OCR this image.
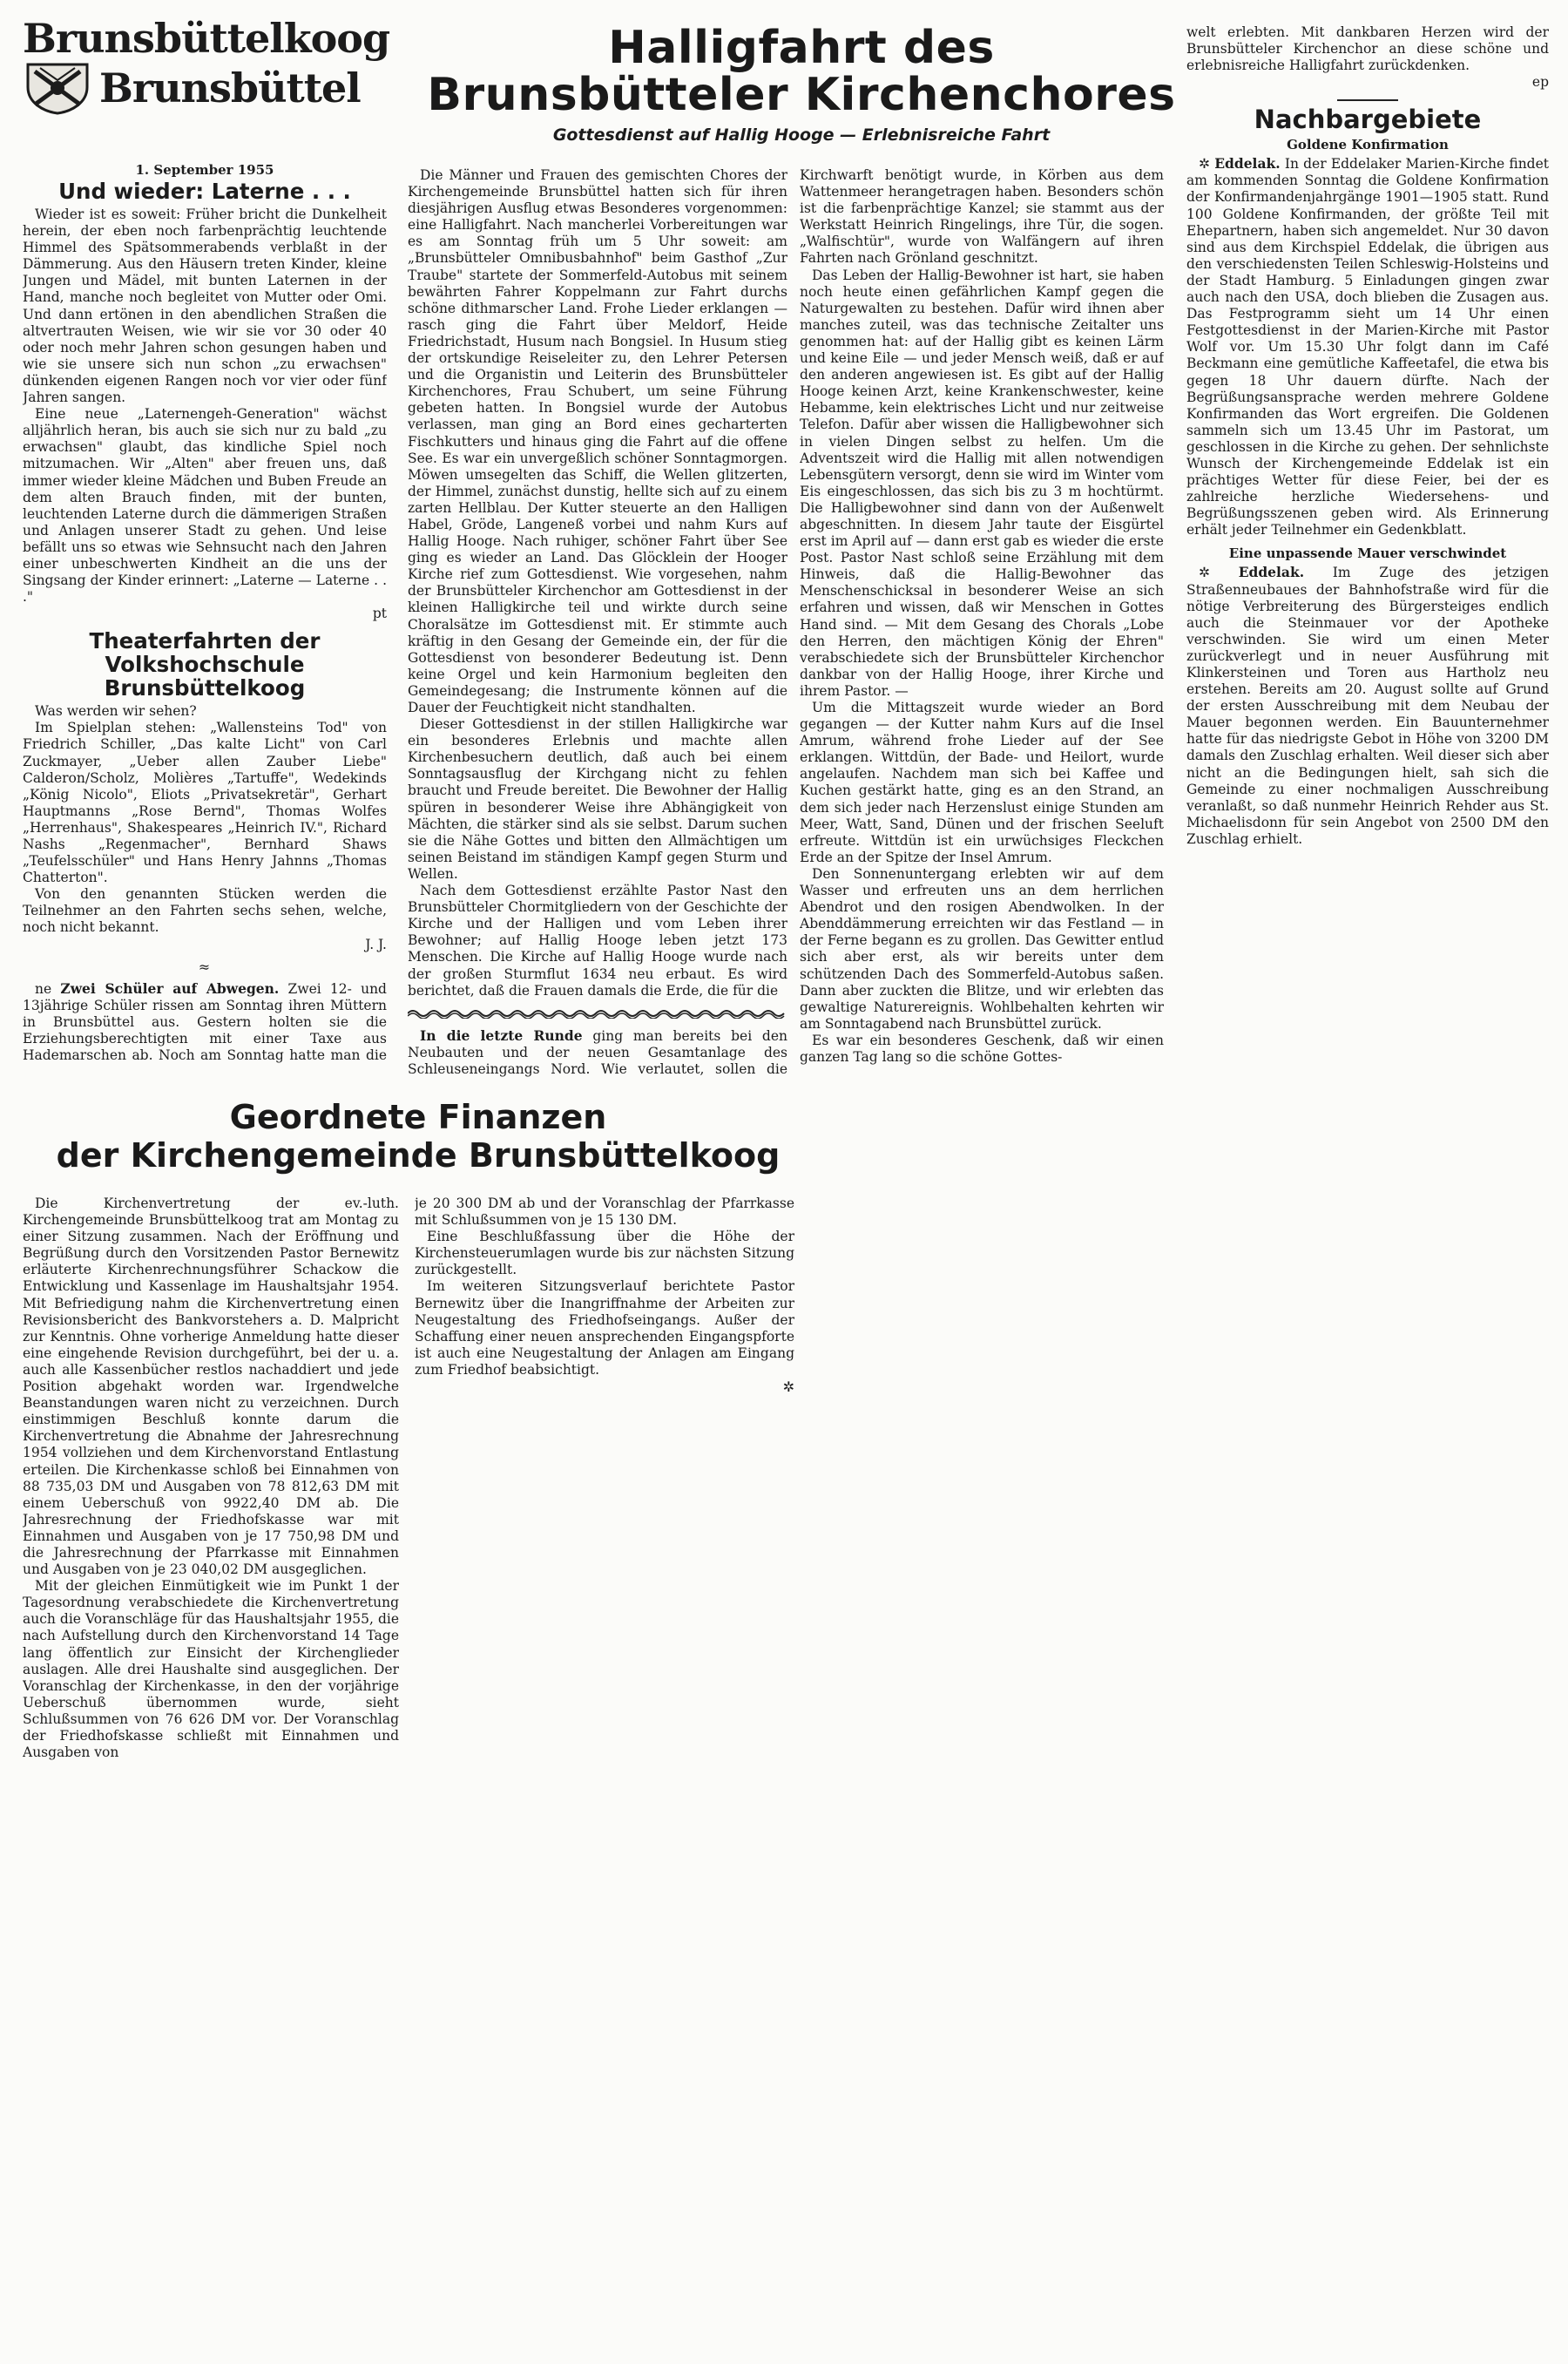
Brunsbüttelkoog
Brunsbüttel
1. September 1955
Und wieder: Laterne . . .

Wieder ist es soweit: Früher bricht die Dunkelheit herein, der eben noch farbenprächtig leuchtende Himmel des Spätsommerabends verblaßt in der Dämmerung. Aus den Häusern treten Kinder, kleine Jungen und Mädel, mit bunten Laternen in der Hand, manche noch begleitet von Mutter oder Omi. Und dann ertönen in den abendlichen Straßen die altvertrauten Weisen, wie wir sie vor 30 oder 40 oder noch mehr Jahren schon gesungen haben und wie sie unsere sich nun schon „zu erwachsen" dünkenden eigenen Rangen noch vor vier oder fünf Jahren sangen.

Eine neue „Laternengeh-Generation" wächst alljährlich heran, bis auch sie sich nur zu bald „zu erwachsen" glaubt, das kindliche Spiel noch mitzumachen. Wir „Alten" aber freuen uns, daß immer wieder kleine Mädchen und Buben Freude an dem alten Brauch finden, mit der bunten, leuchtenden Laterne durch die dämmerigen Straßen und Anlagen unserer Stadt zu gehen. Und leise befällt uns so etwas wie Sehnsucht nach den Jahren einer unbeschwerten Kindheit an die uns der Singsang der Kinder erinnert: „Laterne — Laterne . . ."

pt

Theaterfahrten der Volkshochschule Brunsbüttelkoog

Was werden wir sehen?

Im Spielplan stehen: „Wallensteins Tod" von Friedrich Schiller, „Das kalte Licht" von Carl Zuckmayer, „Ueber allen Zauber Liebe" Calderon/Scholz, Molières „Tartuffe", Wedekinds „König Nicolo", Eliots „Privatsekretär", Gerhart Hauptmanns „Rose Bernd", Thomas Wolfes „Herrenhaus", Shakespeares „Heinrich IV.", Richard Nashs „Regenmacher", Bernhard Shaws „Teufelsschüler" und Hans Henry Jahnns „Thomas Chatterton".

Von den genannten Stücken werden die Teilnehmer an den Fahrten sechs sehen, welche, noch nicht bekannt.

J. J.

≈

ne Zwei Schüler auf Abwegen. Zwei 12- und 13jährige Schüler rissen am Sonntag ihren Müttern in Brunsbüttel aus. Gestern holten sie die Erziehungsberechtigten mit einer Taxe aus Hademarschen ab. Noch am Sonntag hatte man die

Halligfahrt des
Brunsbütteler Kirchenchores
Gottesdienst auf Hallig Hooge — Erlebnisreiche Fahrt

Die Männer und Frauen des gemischten Chores der Kirchengemeinde Brunsbüttel hatten sich für ihren diesjährigen Ausflug etwas Besonderes vorgenommen: eine Halligfahrt. Nach mancherlei Vorbereitungen war es am Sonntag früh um 5 Uhr soweit: am „Brunsbütteler Omnibusbahnhof" beim Gasthof „Zur Traube" startete der Sommerfeld-Autobus mit seinem bewährten Fahrer Koppelmann zur Fahrt durchs schöne dithmarscher Land. Frohe Lieder erklangen — rasch ging die Fahrt über Meldorf, Heide Friedrichstadt, Husum nach Bongsiel. In Husum stieg der ortskundige Reiseleiter zu, den Lehrer Petersen und die Organistin und Leiterin des Brunsbütteler Kirchenchores, Frau Schubert, um seine Führung gebeten hatten. In Bongsiel wurde der Autobus verlassen, man ging an Bord eines gecharterten Fischkutters und hinaus ging die Fahrt auf die offene See. Es war ein unvergeßlich schöner Sonntagmorgen. Möwen umsegelten das Schiff, die Wellen glitzerten, der Himmel, zunächst dunstig, hellte sich auf zu einem zarten Hellblau. Der Kutter steuerte an den Halligen Habel, Gröde, Langeneß vorbei und nahm Kurs auf Hallig Hooge. Nach ruhiger, schöner Fahrt über See ging es wieder an Land. Das Glöcklein der Hooger Kirche rief zum Gottesdienst. Wie vorgesehen, nahm der Brunsbütteler Kirchenchor am Gottesdienst in der kleinen Halligkirche teil und wirkte durch seine Choralsätze im Gottesdienst mit. Er stimmte auch kräftig in den Gesang der Gemeinde ein, der für die Gottesdienst von besonderer Bedeutung ist. Denn keine Orgel und kein Harmonium begleiten den Gemeindegesang; die Instrumente können auf die Dauer der Feuchtigkeit nicht standhalten.

Dieser Gottesdienst in der stillen Halligkirche war ein besonderes Erlebnis und machte allen Kirchenbesuchern deutlich, daß auch bei einem Sonntagsausflug der Kirchgang nicht zu fehlen braucht und Freude bereitet. Die Bewohner der Hallig spüren in besonderer Weise ihre Abhängigkeit von Mächten, die stärker sind als sie selbst. Darum suchen sie die Nähe Gottes und bitten den Allmächtigen um seinen Beistand im ständigen Kampf gegen Sturm und Wellen.

Nach dem Gottesdienst erzählte Pastor Nast den Brunsbütteler Chormitgliedern von der Geschichte der Kirche und der Halligen und vom Leben ihrer Bewohner; auf Hallig Hooge leben jetzt 173 Menschen. Die Kirche auf Hallig Hooge wurde nach der großen Sturmflut 1634 neu erbaut. Es wird berichtet, daß die Frauen damals die Erde, die für die

In die letzte Runde ging man bereits bei den Neubauten und der neuen Gesamtanlage des Schleuseneingangs Nord. Wie verlautet, sollen die

Kirchwarft benötigt wurde, in Körben aus dem Wattenmeer herangetragen haben. Besonders schön ist die farbenprächtige Kanzel; sie stammt aus der Werkstatt Heinrich Ringelings, ihre Tür, die sogen. „Walfischtür", wurde von Walfängern auf ihren Fahrten nach Grönland geschnitzt.

Das Leben der Hallig-Bewohner ist hart, sie haben noch heute einen gefährlichen Kampf gegen die Naturgewalten zu bestehen. Dafür wird ihnen aber manches zuteil, was das technische Zeitalter uns genommen hat: auf der Hallig gibt es keinen Lärm und keine Eile — und jeder Mensch weiß, daß er auf den anderen angewiesen ist. Es gibt auf der Hallig Hooge keinen Arzt, keine Krankenschwester, keine Hebamme, kein elektrisches Licht und nur zeitweise Telefon. Dafür aber wissen die Halligbewohner sich in vielen Dingen selbst zu helfen. Um die Adventszeit wird die Hallig mit allen notwendigen Lebensgütern versorgt, denn sie wird im Winter vom Eis eingeschlossen, das sich bis zu 3 m hochtürmt. Die Halligbewohner sind dann von der Außenwelt abgeschnitten. In diesem Jahr taute der Eisgürtel erst im April auf — dann erst gab es wieder die erste Post. Pastor Nast schloß seine Erzählung mit dem Hinweis, daß die Hallig-Bewohner das Menschenschicksal in besonderer Weise an sich erfahren und wissen, daß wir Menschen in Gottes Hand sind. — Mit dem Gesang des Chorals „Lobe den Herren, den mächtigen König der Ehren" verabschiedete sich der Brunsbütteler Kirchenchor dankbar von der Hallig Hooge, ihrer Kirche und ihrem Pastor. —

Um die Mittagszeit wurde wieder an Bord gegangen — der Kutter nahm Kurs auf die Insel Amrum, während frohe Lieder auf der See erklangen. Wittdün, der Bade- und Heilort, wurde angelaufen. Nachdem man sich bei Kaffee und Kuchen gestärkt hatte, ging es an den Strand, an dem sich jeder nach Herzenslust einige Stunden am Meer, Watt, Sand, Dünen und der frischen Seeluft erfreute. Wittdün ist ein urwüchsiges Fleckchen Erde an der Spitze der Insel Amrum.

Den Sonnenuntergang erlebten wir auf dem Wasser und erfreuten uns an dem herrlichen Abendrot und den rosigen Abendwolken. In der Abenddämmerung erreichten wir das Festland — in der Ferne begann es zu grollen. Das Gewitter entlud sich aber erst, als wir bereits unter dem schützenden Dach des Sommerfeld-Autobus saßen. Dann aber zuckten die Blitze, und wir erlebten das gewaltige Naturereignis. Wohlbehalten kehrten wir am Sonntagabend nach Brunsbüttel zurück.

Es war ein besonderes Geschenk, daß wir einen ganzen Tag lang so die schöne Gottes-

welt erlebten. Mit dankbaren Herzen wird der Brunsbütteler Kirchenchor an diese schöne und erlebnisreiche Halligfahrt zurückdenken.

ep

Nachbargebiete
Goldene Konfirmation

✲ Eddelak. In der Eddelaker Marien-Kirche findet am kommenden Sonntag die Goldene Konfirmation der Konfirmandenjahrgänge 1901—1905 statt. Rund 100 Goldene Konfirmanden, der größte Teil mit Ehepartnern, haben sich angemeldet. Nur 30 davon sind aus dem Kirchspiel Eddelak, die übrigen aus den verschiedensten Teilen Schleswig-Holsteins und der Stadt Hamburg. 5 Einladungen gingen zwar auch nach den USA, doch blieben die Zusagen aus. Das Festprogramm sieht um 14 Uhr einen Festgottesdienst in der Marien-Kirche mit Pastor Wolf vor. Um 15.30 Uhr folgt dann im Café Beckmann eine gemütliche Kaffeetafel, die etwa bis gegen 18 Uhr dauern dürfte. Nach der Begrüßungsansprache werden mehrere Goldene Konfirmanden das Wort ergreifen. Die Goldenen sammeln sich um 13.45 Uhr im Pastorat, um geschlossen in die Kirche zu gehen. Der sehnlichste Wunsch der Kirchengemeinde Eddelak ist ein prächtiges Wetter für diese Feier, bei der es zahlreiche herzliche Wiedersehens- und Begrüßungsszenen geben wird. Als Erinnerung erhält jeder Teilnehmer ein Gedenkblatt.

Eine unpassende Mauer verschwindet

✲ Eddelak. Im Zuge des jetzigen Straßenneubaues der Bahnhofstraße wird für die nötige Verbreiterung des Bürgersteiges endlich auch die Steinmauer vor der Apotheke verschwinden. Sie wird um einen Meter zurückverlegt und in neuer Ausführung mit Klinkersteinen und Toren aus Hartholz neu erstehen. Bereits am 20. August sollte auf Grund der ersten Ausschreibung mit dem Neubau der Mauer begonnen werden. Ein Bauunternehmer hatte für das niedrigste Gebot in Höhe von 3200 DM damals den Zuschlag erhalten. Weil dieser sich aber nicht an die Bedingungen hielt, sah sich die Gemeinde zu einer nochmaligen Ausschreibung veranlaßt, so daß nunmehr Heinrich Rehder aus St. Michaelisdonn für sein Angebot von 2500 DM den Zuschlag erhielt.

Geordnete Finanzen
der Kirchengemeinde Brunsbüttelkoog

Die Kirchenvertretung der ev.-luth. Kirchengemeinde Brunsbüttelkoog trat am Montag zu einer Sitzung zusammen. Nach der Eröffnung und Begrüßung durch den Vorsitzenden Pastor Bernewitz erläuterte Kirchenrechnungsführer Schackow die Entwicklung und Kassenlage im Haushaltsjahr 1954. Mit Befriedigung nahm die Kirchenvertretung einen Revisionsbericht des Bankvorstehers a. D. Malpricht zur Kenntnis. Ohne vorherige Anmeldung hatte dieser eine eingehende Revision durchgeführt, bei der u. a. auch alle Kassenbücher restlos nachaddiert und jede Position abgehakt worden war. Irgendwelche Beanstandungen waren nicht zu verzeichnen. Durch einstimmigen Beschluß konnte darum die Kirchenvertretung die Abnahme der Jahresrechnung 1954 vollziehen und dem Kirchenvorstand Entlastung erteilen. Die Kirchenkasse schloß bei Einnahmen von 88 735,03 DM und Ausgaben von 78 812,63 DM mit einem Ueberschuß von 9922,40 DM ab. Die Jahresrechnung der Friedhofskasse war mit Einnahmen und Ausgaben von je 17 750,98 DM und die Jahresrechnung der Pfarrkasse mit Einnahmen und Ausgaben von je 23 040,02 DM ausgeglichen.

Mit der gleichen Einmütigkeit wie im Punkt 1 der Tagesordnung verabschiedete die Kirchenvertretung auch die Voranschläge für das Haushaltsjahr 1955, die nach Aufstellung durch den Kirchenvorstand 14 Tage lang öffentlich zur Einsicht der Kirchenglieder auslagen. Alle drei Haushalte sind ausgeglichen. Der Voranschlag der Kirchenkasse, in den der vorjährige Ueberschuß übernommen wurde, sieht Schlußsummen von 76 626 DM vor. Der Voranschlag der Friedhofskasse schließt mit Einnahmen und Ausgaben von

je 20 300 DM ab und der Voranschlag der Pfarrkasse mit Schlußsummen von je 15 130 DM.

Eine Beschlußfassung über die Höhe der Kirchensteuerumlagen wurde bis zur nächsten Sitzung zurückgestellt.

Im weiteren Sitzungsverlauf berichtete Pastor Bernewitz über die Inangriffnahme der Arbeiten zur Neugestaltung des Friedhofseingangs. Außer der Schaffung einer neuen ansprechenden Eingangspforte ist auch eine Neugestaltung der Anlagen am Eingang zum Friedhof beabsichtigt.

✲
